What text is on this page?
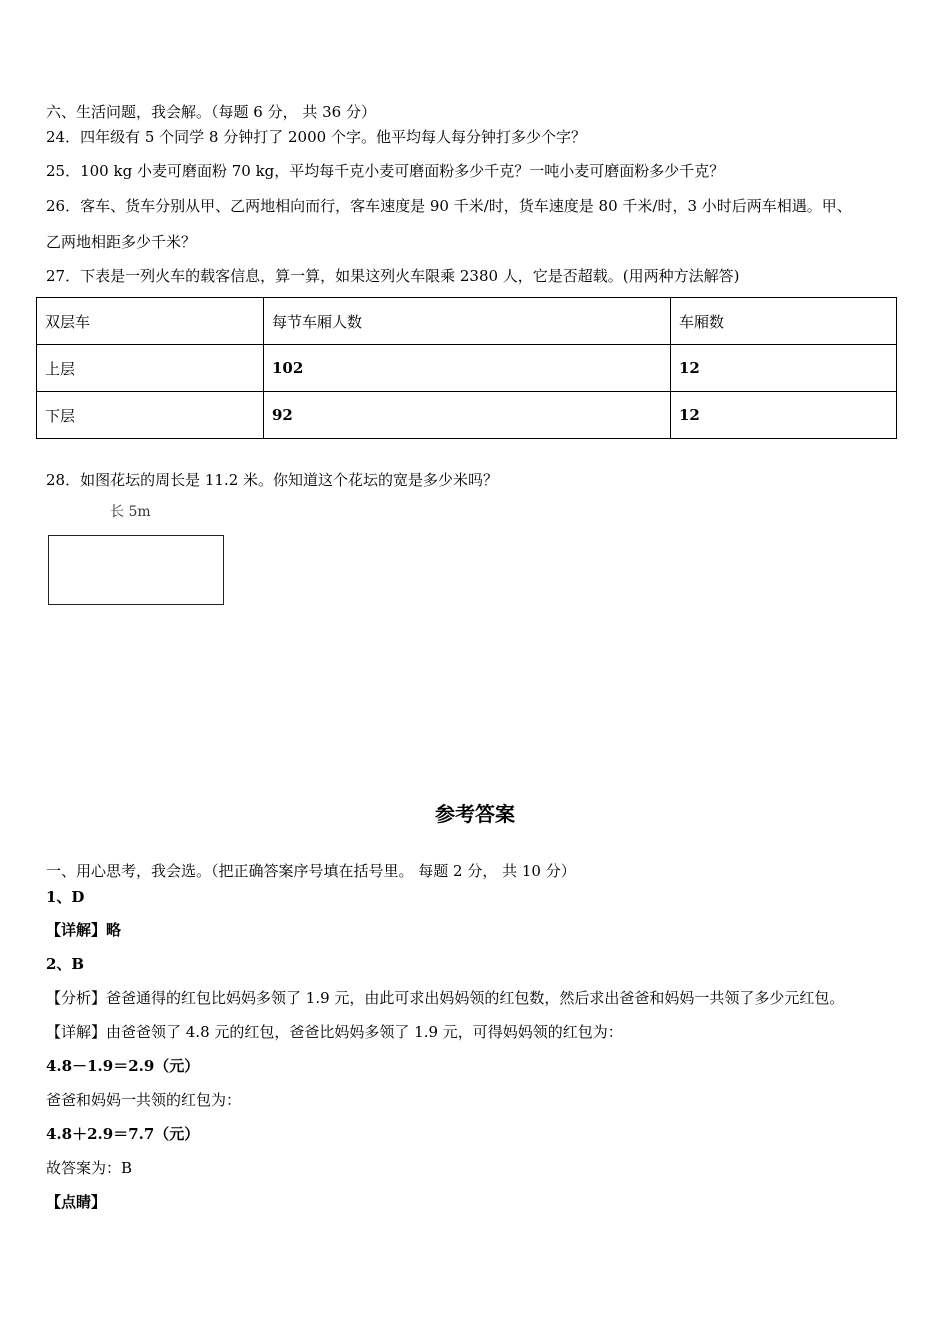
六、生活问题，我会解。（每题 6 分， 共 36 分）
24．四年级有 5 个同学 8 分钟打了 2000 个字。他平均每人每分钟打多少个字？
25．100 kg 小麦可磨面粉 70 kg，平均每千克小麦可磨面粉多少千克？一吨小麦可磨面粉多少千克？
26．客车、货车分别从甲、乙两地相向而行，客车速度是 90 千米/时，货车速度是 80 千米/时，3 小时后两车相遇。甲、
乙两地相距多少千米？
27．下表是一列火车的载客信息，算一算，如果这列火车限乘 2380 人，它是否超载。(用两种方法解答)
双层车	每节车厢人数	车厢数
上层	102	12
下层	92	12
28．如图花坛的周长是 11.2 米。你知道这个花坛的宽是多少米吗？
长 5m
参考答案
一、用心思考，我会选。（把正确答案序号填在括号里。 每题 2 分， 共 10 分）
1、D
【详解】略
2、B
【分析】爸爸通得的红包比妈妈多领了 1.9 元，由此可求出妈妈领的红包数，然后求出爸爸和妈妈一共领了多少元红包。
【详解】由爸爸领了 4.8 元的红包，爸爸比妈妈多领了 1.9 元，可得妈妈领的红包为：
4.8－1.9＝2.9（元）
爸爸和妈妈一共领的红包为：
4.8＋2.9＝7.7（元）
故答案为：B
【点睛】
